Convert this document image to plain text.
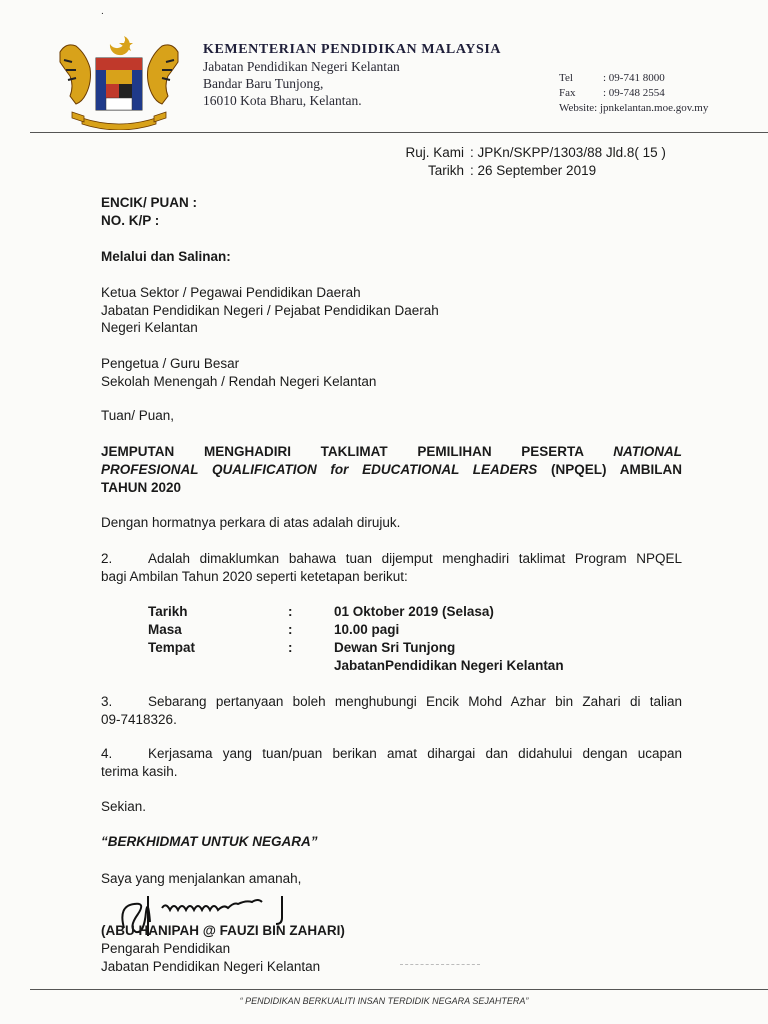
.
KEMENTERIAN PENDIDIKAN MALAYSIA
Jabatan Pendidikan Negeri Kelantan
Bandar Baru Tunjong,
16010 Kota Bharu, Kelantan.
Tel	: 09-741 8000
Fax	: 09-748 2554
Website: jpnkelantan.moe.gov.my
Ruj. Kami : JPKn/SKPP/1303/88 Jld.8( 15 )
Tarikh : 26 September 2019
ENCIK/ PUAN :
NO. K/P :
Melalui dan Salinan:
Ketua Sektor / Pegawai Pendidikan Daerah
Jabatan Pendidikan Negeri / Pejabat Pendidikan Daerah
Negeri Kelantan
Pengetua / Guru Besar
Sekolah Menengah / Rendah Negeri Kelantan
Tuan/ Puan,
JEMPUTAN MENGHADIRI TAKLIMAT PEMILIHAN PESERTA NATIONAL
PROFESIONAL QUALIFICATION for EDUCATIONAL LEADERS (NPQEL) AMBILAN
TAHUN 2020
Dengan hormatnya perkara di atas adalah dirujuk.
2.	Adalah dimaklumkan bahawa tuan dijemput menghadiri taklimat Program NPQEL
bagi Ambilan Tahun 2020 seperti ketetapan berikut:
Tarikh	:	01 Oktober 2019 (Selasa)
Masa	:	10.00 pagi
Tempat	:	Dewan Sri Tunjong
JabatanPendidikan Negeri Kelantan
3.	Sebarang pertanyaan boleh menghubungi Encik Mohd Azhar bin Zahari di talian
09-7418326.
4.	Kerjasama yang tuan/puan berikan amat dihargai dan didahului dengan ucapan
terima kasih.
Sekian.
“BERKHIDMAT UNTUK NEGARA”
Saya yang menjalankan amanah,
(ABU HANIPAH @ FAUZI BIN ZAHARI)
Pengarah Pendidikan
Jabatan Pendidikan Negeri Kelantan
“ PENDIDIKAN BERKUALITI INSAN TERDIDIK NEGARA SEJAHTERA”
